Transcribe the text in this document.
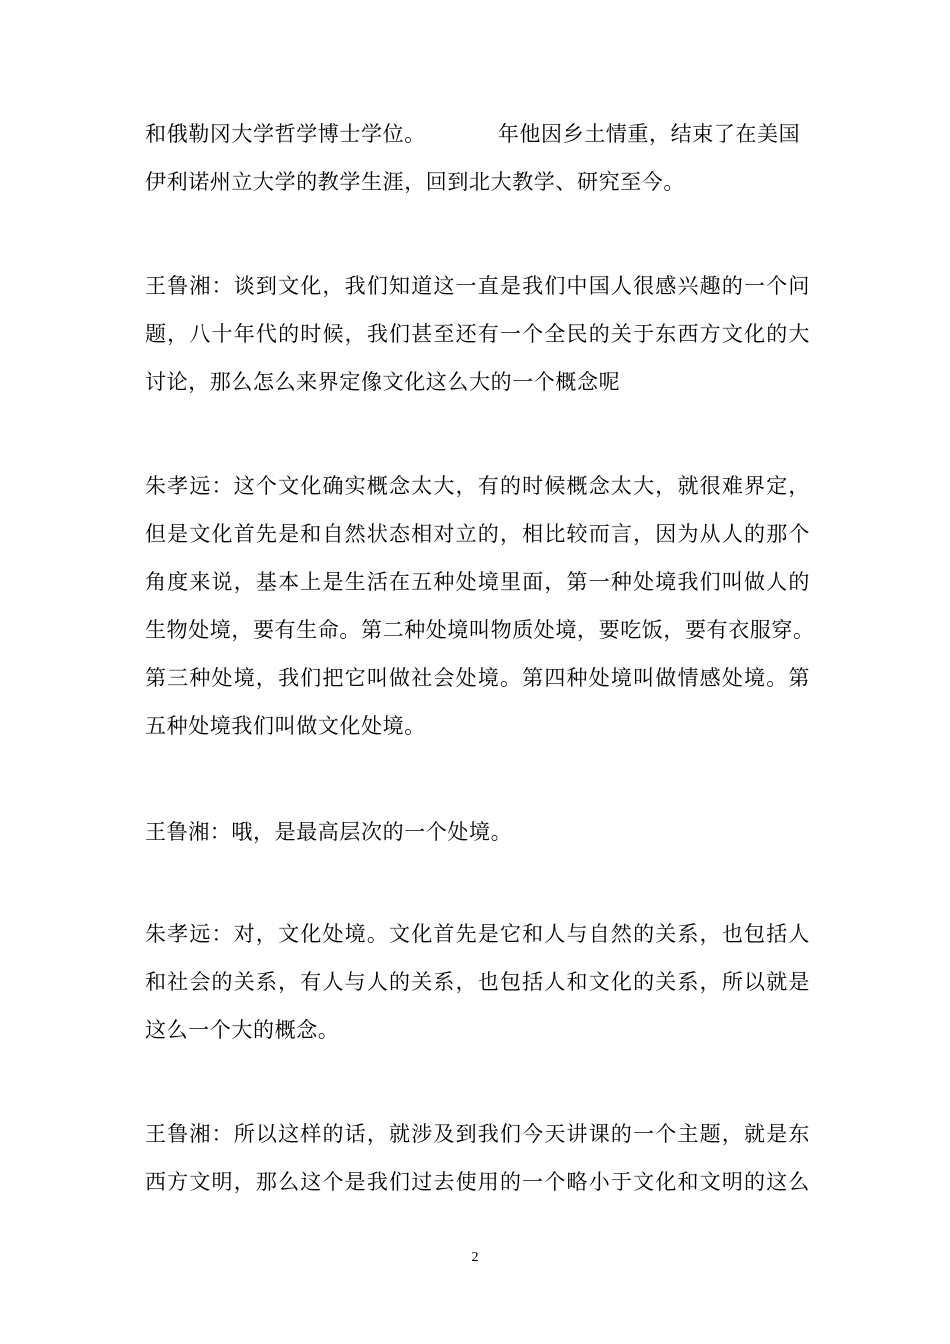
和俄勒冈大学哲学博士学位。	年他因乡土情重，结束了在美国
伊利诺州立大学的教学生涯，回到北大教学、研究至今。

王鲁湘：谈到文化，我们知道这一直是我们中国人很感兴趣的一个问
题，八十年代的时候，我们甚至还有一个全民的关于东西方文化的大
讨论，那么怎么来界定像文化这么大的一个概念呢

朱孝远：这个文化确实概念太大，有的时候概念太大，就很难界定，
但是文化首先是和自然状态相对立的，相比较而言，因为从人的那个
角度来说，基本上是生活在五种处境里面，第一种处境我们叫做人的
生物处境，要有生命。第二种处境叫物质处境，要吃饭，要有衣服穿。
第三种处境，我们把它叫做社会处境。第四种处境叫做情感处境。第
五种处境我们叫做文化处境。

王鲁湘：哦，是最高层次的一个处境。

朱孝远：对，文化处境。文化首先是它和人与自然的关系，也包括人
和社会的关系，有人与人的关系，也包括人和文化的关系，所以就是
这么一个大的概念。

王鲁湘：所以这样的话，就涉及到我们今天讲课的一个主题，就是东
西方文明，那么这个是我们过去使用的一个略小于文化和文明的这么

2
